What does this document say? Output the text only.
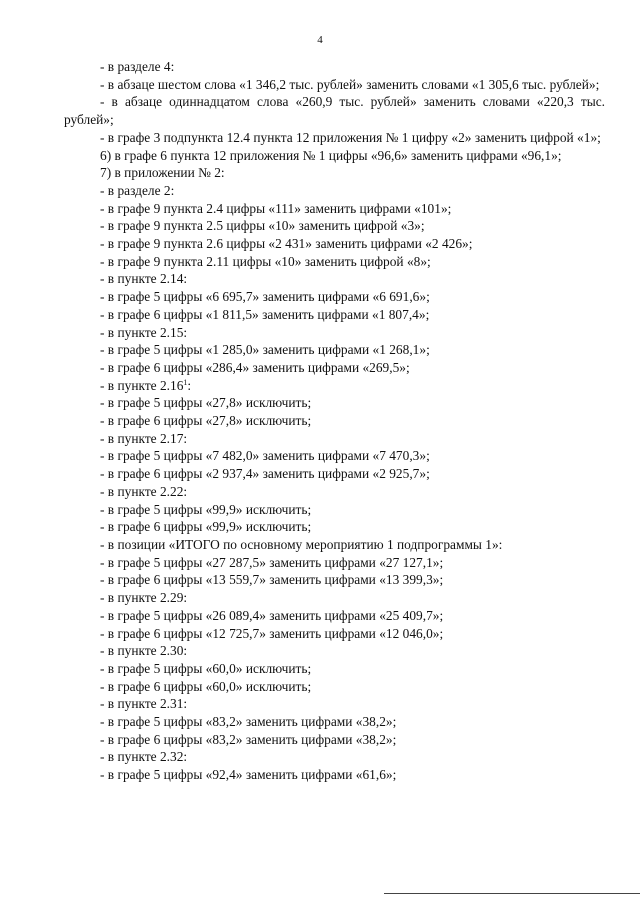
4
- в разделе 4:
- в абзаце шестом слова «1 346,2 тыс. рублей» заменить словами «1 305,6 тыс. рублей»;
- в абзаце одиннадцатом слова «260,9 тыс. рублей» заменить словами «220,3 тыс. рублей»;
- в графе 3 подпункта 12.4 пункта 12 приложения № 1 цифру «2» заменить цифрой «1»;
6) в графе 6 пункта 12 приложения № 1 цифры «96,6» заменить цифрами «96,1»;
7) в приложении № 2:
- в разделе 2:
- в графе 9 пункта 2.4 цифры «111» заменить цифрами «101»;
- в графе 9 пункта 2.5 цифры «10» заменить цифрой «3»;
- в графе 9 пункта 2.6 цифры «2 431» заменить цифрами «2 426»;
- в графе 9 пункта 2.11 цифры «10» заменить цифрой «8»;
- в пункте 2.14:
- в графе 5 цифры «6 695,7» заменить цифрами «6 691,6»;
- в графе 6 цифры «1 811,5» заменить цифрами «1 807,4»;
- в пункте 2.15:
- в графе 5 цифры «1 285,0» заменить цифрами «1 268,1»;
- в графе 6 цифры «286,4» заменить цифрами «269,5»;
- в пункте 2.16$^1$:
- в графе 5 цифры «27,8» исключить;
- в графе 6 цифры «27,8» исключить;
- в пункте 2.17:
- в графе 5 цифры «7 482,0» заменить цифрами «7 470,3»;
- в графе 6 цифры «2 937,4» заменить цифрами «2 925,7»;
- в пункте 2.22:
- в графе 5 цифры «99,9» исключить;
- в графе 6 цифры «99,9» исключить;
- в позиции «ИТОГО по основному мероприятию 1 подпрограммы 1»:
- в графе 5 цифры «27 287,5» заменить цифрами «27 127,1»;
- в графе 6 цифры «13 559,7» заменить цифрами «13 399,3»;
- в пункте 2.29:
- в графе 5 цифры «26 089,4» заменить цифрами «25 409,7»;
- в графе 6 цифры «12 725,7» заменить цифрами «12 046,0»;
- в пункте 2.30:
- в графе 5 цифры «60,0» исключить;
- в графе 6 цифры «60,0» исключить;
- в пункте 2.31:
- в графе 5 цифры «83,2» заменить цифрами «38,2»;
- в графе 6 цифры «83,2» заменить цифрами «38,2»;
- в пункте 2.32:
- в графе 5 цифры «92,4» заменить цифрами «61,6»;
